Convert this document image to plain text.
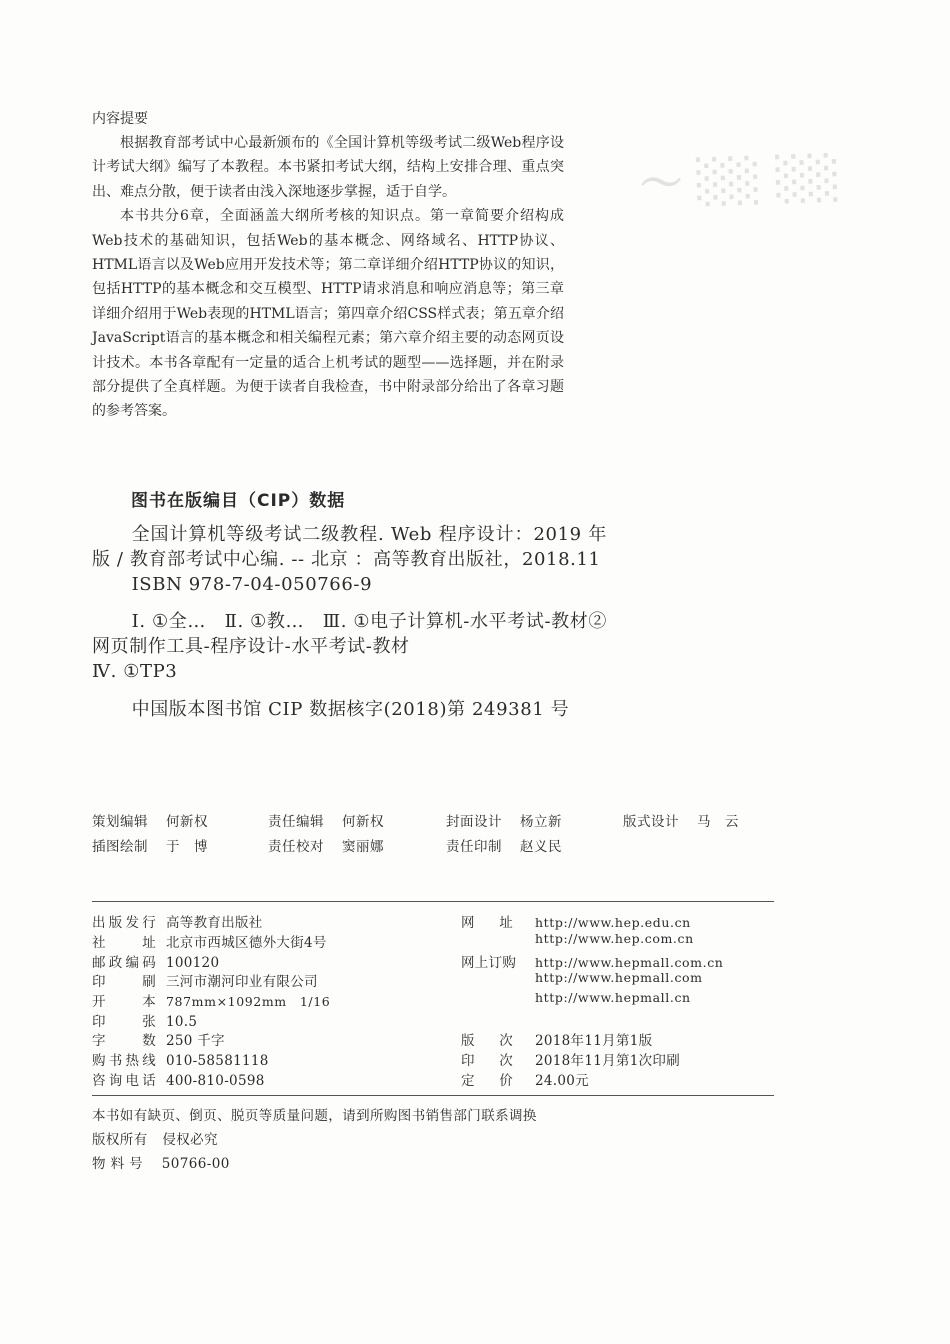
〜 ░░ ░░
内容提要

根据教育部考试中心最新颁布的《全国计算机等级考试二级Web程序设计考试大纲》编写了本教程。本书紧扣考试大纲，结构上安排合理、重点突出、难点分散，便于读者由浅入深地逐步掌握，适于自学。

本书共分6章，全面涵盖大纲所考核的知识点。第一章简要介绍构成Web技术的基础知识，包括Web的基本概念、网络域名、HTTP协议、HTML语言以及Web应用开发技术等；第二章详细介绍HTTP协议的知识，包括HTTP的基本概念和交互模型、HTTP请求消息和响应消息等；第三章详细介绍用于Web表现的HTML语言；第四章介绍CSS样式表；第五章介绍JavaScript语言的基本概念和相关编程元素；第六章介绍主要的动态网页设计技术。本书各章配有一定量的适合上机考试的题型——选择题，并在附录部分提供了全真样题。为便于读者自我检查，书中附录部分给出了各章习题的参考答案。

图书在版编目（CIP）数据

全国计算机等级考试二级教程. Web 程序设计：2019 年版 / 教育部考试中心编. -- 北京 ：高等教育出版社，2018.11

ISBN 978-7-04-050766-9

Ⅰ. ①全…　Ⅱ. ①教…　Ⅲ. ①电子计算机-水平考试-教材②网页制作工具-程序设计-水平考试-教材

Ⅳ. ①TP3

中国版本图书馆 CIP 数据核字(2018)第 249381 号

策划编辑 何新权	责任编辑 何新权	封面设计 杨立新	版式设计 马　云
插图绘制 于　博	责任校对 窦丽娜	责任印制 赵义民
出版发行 高等教育出版社
社址 北京市西城区德外大街4号
邮政编码 100120
印刷 三河市潮河印业有限公司
开本 787mm×1092mm　1/16
印张 10.5
字数 250 千字
购书热线 010-58581118
咨询电话 400-810-0598
网址 http://www.hep.edu.cn
http://www.hep.com.cn
网上订购 http://www.hepmall.com.cn
http://www.hepmall.com
http://www.hepmall.cn
版次 2018年11月第1版
印次 2018年11月第1次印刷
定价 24.00元
本书如有缺页、倒页、脱页等质量问题，请到所购图书销售部门联系调换
版权所有 侵权必究
物 料 号 50766-00
